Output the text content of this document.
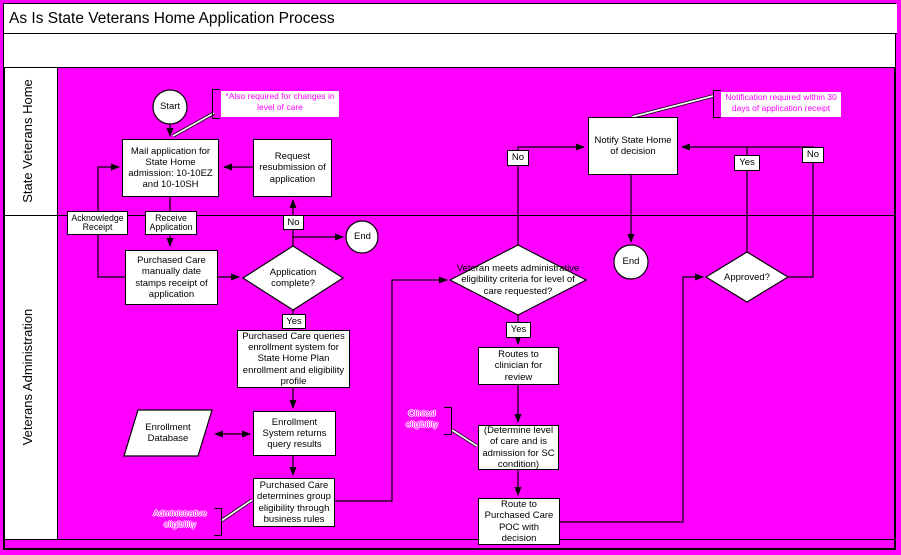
As Is State Veterans Home Application Process
State Veterans Home
Veterans Administration
Mail application for State Home admission: 10-10EZ and 10-10SH
Request resubmission of application
Notify State Home of decision
Purchased Care manually date stamps receipt of application
Purchased Care queries enrollment system for State Home Plan enrollment and eligibility profile
Enrollment System returns query results
Purchased Care determines group eligibility through business rules
Routes to clinician for review
(Determine level of care and is admission for SC condition)
Route to Purchased Care POC with decision
Start
End
End
Application complete?
Veteran meets administrative eligibility criteria for level of care requested?
Approved?
Enrollment Database
Acknowledge Receipt
Receive Application	No
Yes
No
Yes
Yes
No
*Also required for changes in level of care
Notification required within 30 days of application receipt
Administrative eligibility
Clinical eligibility
